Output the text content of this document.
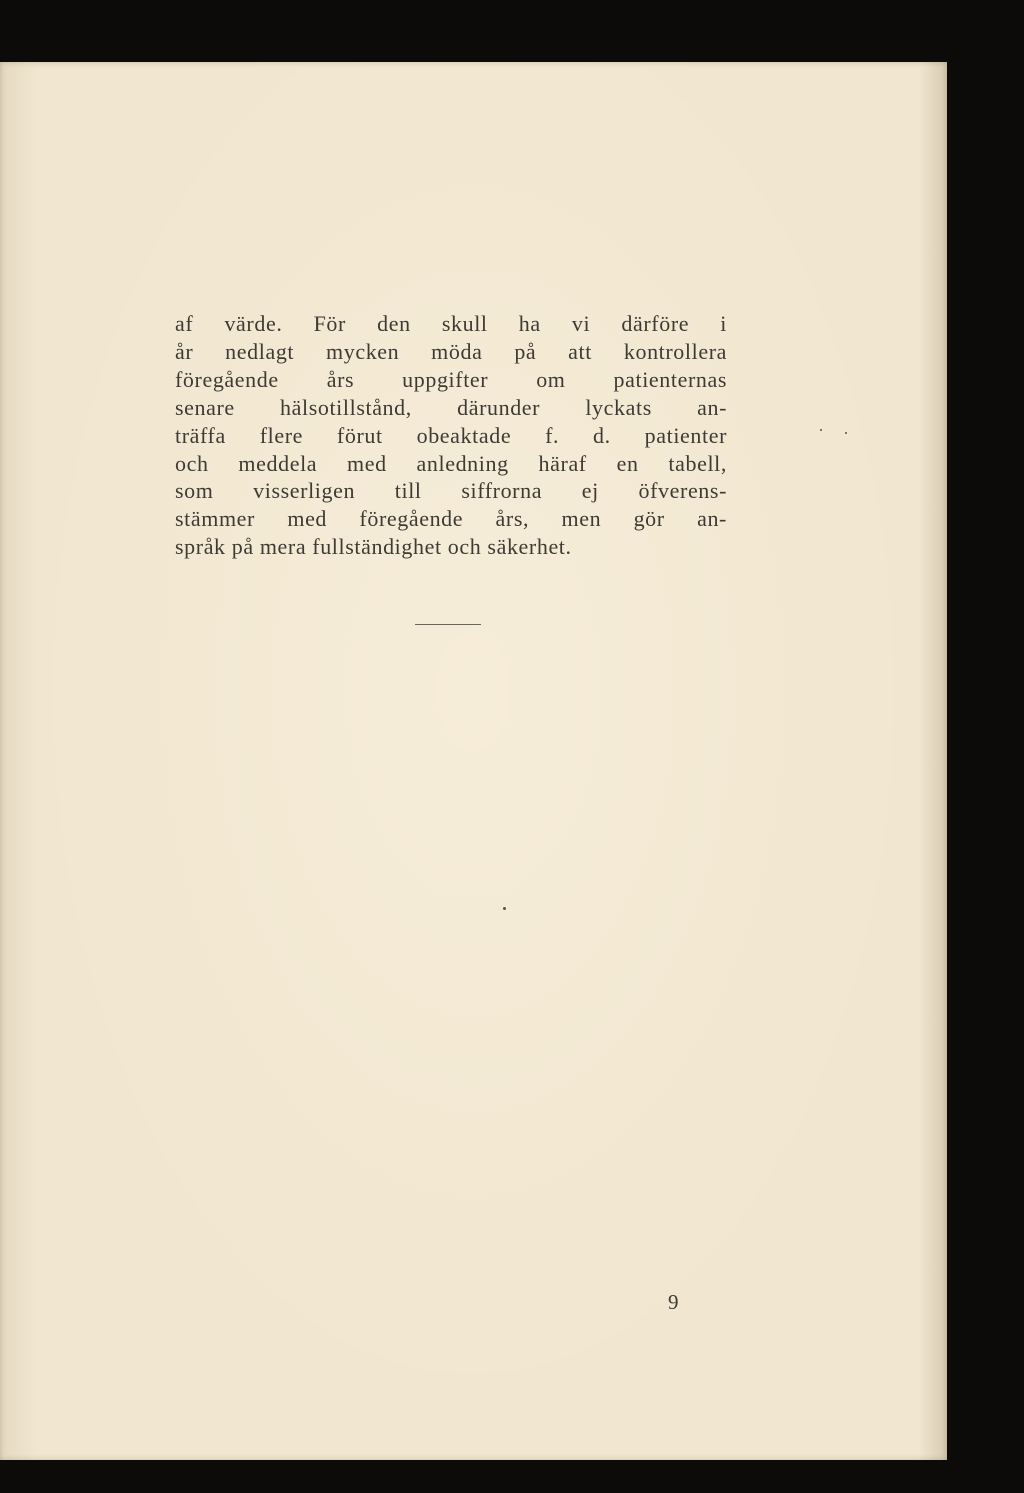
af värde. För den skull ha vi därföre i
år nedlagt mycken möda på att kontrollera
föregående års uppgifter om patienternas
senare hälsotillstånd, därunder lyckats an-
träffa flere förut obeaktade f. d. patienter
och meddela med anledning häraf en tabell,
som visserligen till siffrorna ej öfverens-
stämmer med föregående års, men gör an-
språk på mera fullständighet och säkerhet.
9
